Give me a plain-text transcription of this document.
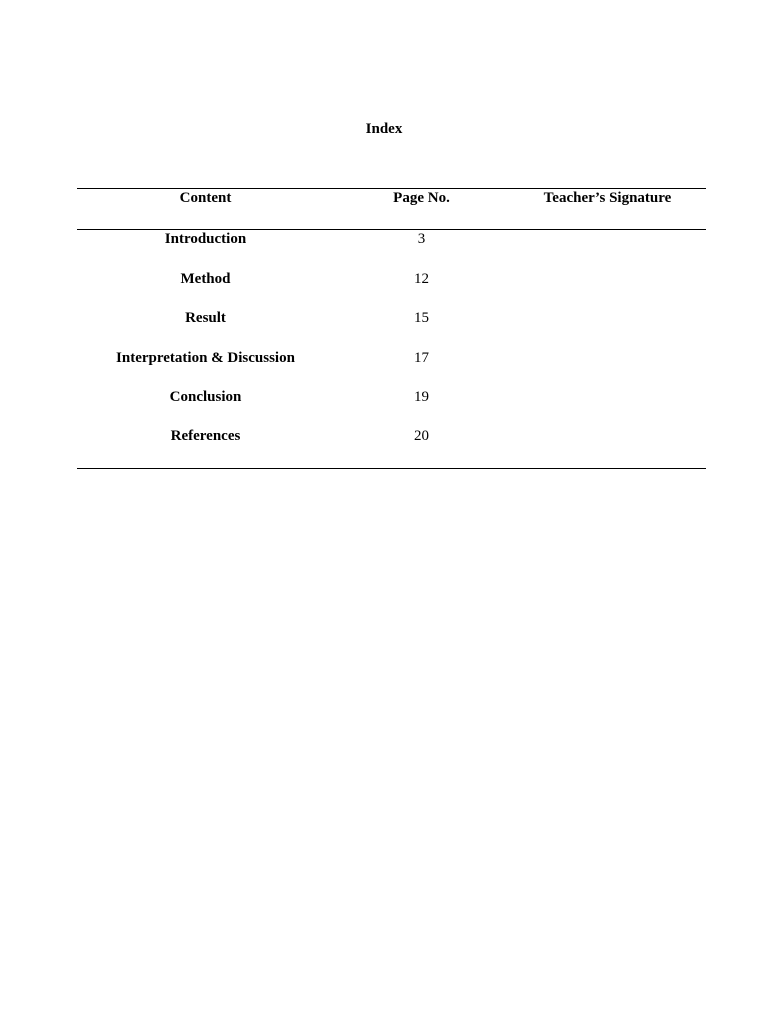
Index
Content	Page No.	Teacher’s Signature
Introduction	3
Method	12
Result	15
Interpretation & Discussion	17
Conclusion	19
References	20
